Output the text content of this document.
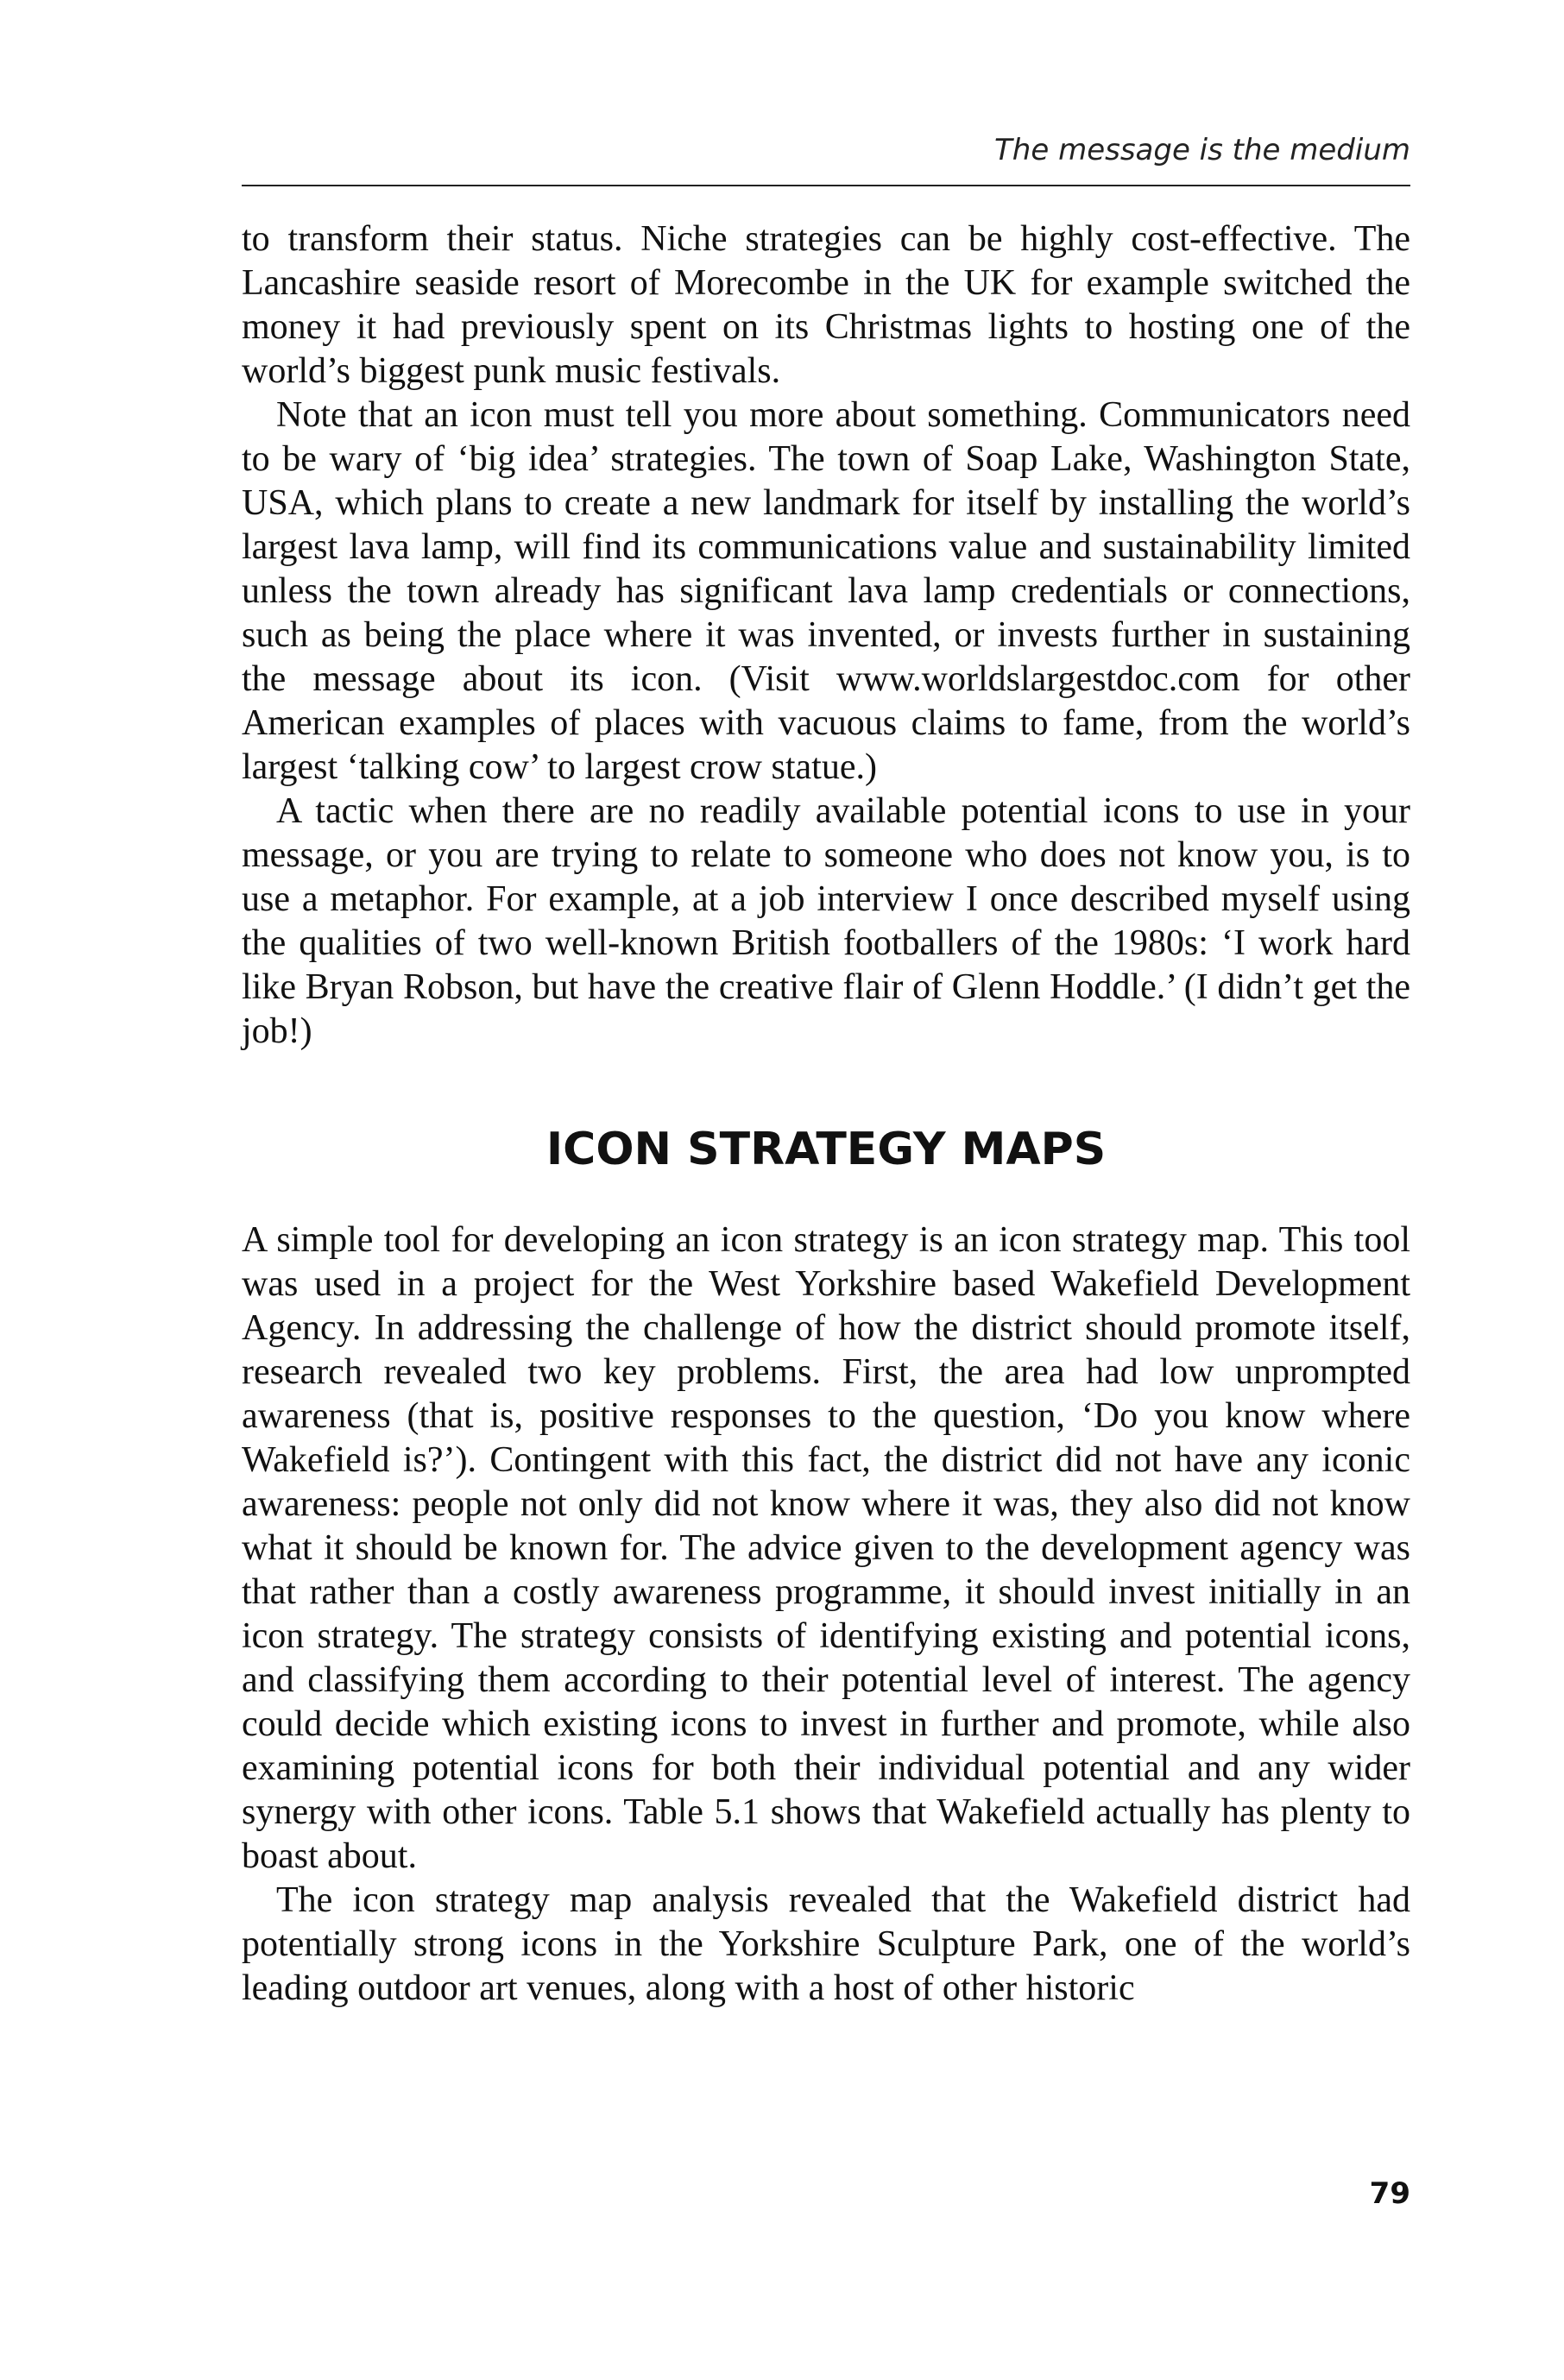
The message is the medium

to transform their status. Niche strategies can be highly cost-effective. The Lancashire seaside resort of Morecombe in the UK for example switched the money it had previously spent on its Christmas lights to hosting one of the world’s biggest punk music festivals.

Note that an icon must tell you more about something. Communicators need to be wary of ‘big idea’ strategies. The town of Soap Lake, Washington State, USA, which plans to create a new landmark for itself by installing the world’s largest lava lamp, will find its communications value and sustainability limited unless the town already has significant lava lamp credentials or connections, such as being the place where it was invented, or invests further in sustaining the message about its icon. (Visit www.worldslargestdoc.com for other American examples of places with vacuous claims to fame, from the world’s largest ‘talking cow’ to largest crow statue.)

A tactic when there are no readily available potential icons to use in your message, or you are trying to relate to someone who does not know you, is to use a metaphor. For example, at a job interview I once described myself using the qualities of two well-known British footballers of the 1980s: ‘I work hard like Bryan Robson, but have the creative flair of Glenn Hoddle.’ (I didn’t get the job!)

ICON STRATEGY MAPS

A simple tool for developing an icon strategy is an icon strategy map. This tool was used in a project for the West Yorkshire based Wakefield Development Agency. In addressing the challenge of how the district should promote itself, research revealed two key problems. First, the area had low unprompted awareness (that is, positive responses to the question, ‘Do you know where Wakefield is?’). Contingent with this fact, the district did not have any iconic awareness: people not only did not know where it was, they also did not know what it should be known for. The advice given to the development agency was that rather than a costly awareness programme, it should invest initially in an icon strategy. The strategy consists of identifying existing and potential icons, and classifying them according to their potential level of interest. The agency could decide which existing icons to invest in further and promote, while also examining potential icons for both their individual potential and any wider synergy with other icons. Table 5.1 shows that Wakefield actually has plenty to boast about.

The icon strategy map analysis revealed that the Wakefield district had potentially strong icons in the Yorkshire Sculpture Park, one of the world’s leading outdoor art venues, along with a host of other historic

79
